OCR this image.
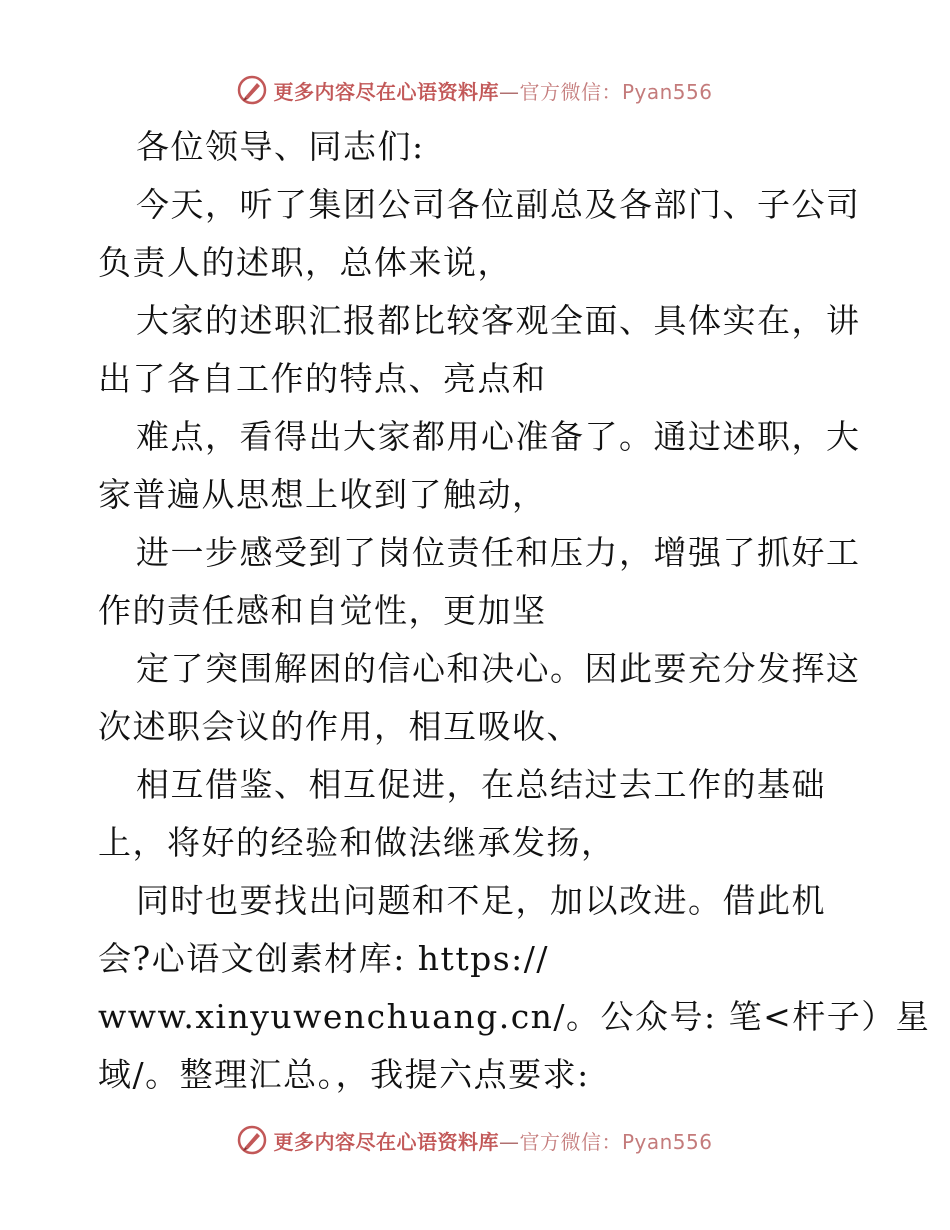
更多内容尽在心语资料库—官方微信：Pyan556
各位领导、同志们:
今天，听了集团公司各位副总及各部门、子公司
负责人的述职，总体来说，
大家的述职汇报都比较客观全面、具体实在，讲
出了各自工作的特点、亮点和
难点，看得出大家都用心准备了。通过述职，大
家普遍从思想上收到了触动，
进一步感受到了岗位责任和压力，增强了抓好工
作的责任感和自觉性，更加坚
定了突围解困的信心和决心。因此要充分发挥这
次述职会议的作用，相互吸收、
相互借鉴、相互促进，在总结过去工作的基础
上，将好的经验和做法继承发扬，
同时也要找出问题和不足，加以改进。借此机
会?心语文创素材库: https://
www.xinyuwenchuang.cn/。公众号: 笔<杆子）星
域/。整理汇总。，我提六点要求:
更多内容尽在心语资料库—官方微信：Pyan556
